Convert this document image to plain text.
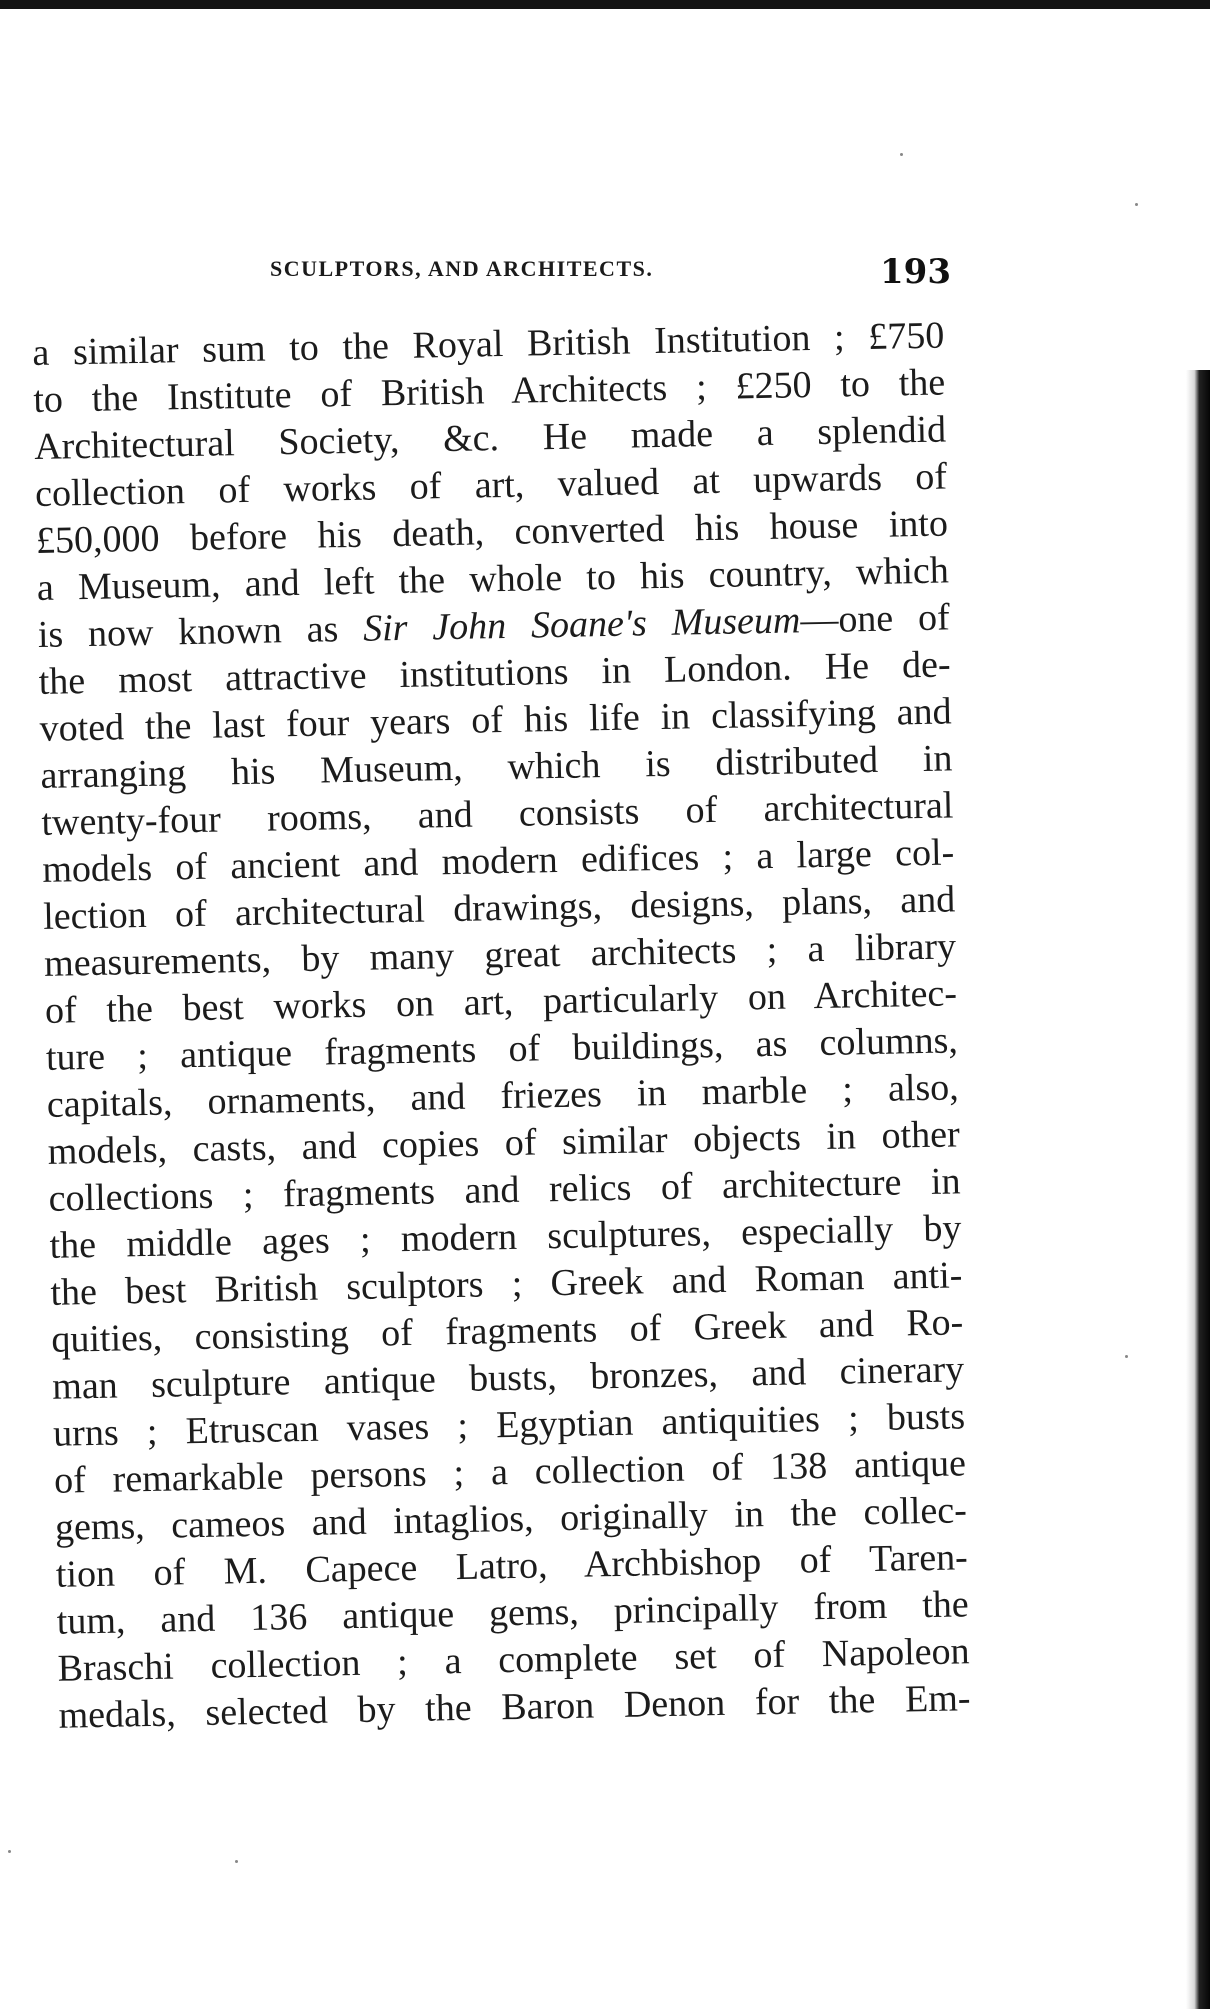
SCULPTORS, AND ARCHITECTS.	193
a similar sum to the Royal British Institution ; £750
to the Institute of British Architects ; £250 to the
Architectural Society, &c. He made a splendid
collection of works of art, valued at upwards of
£50,000 before his death, converted his house into
a Museum, and left the whole to his country, which
is now known as Sir John Soane's Museum—one of
the most attractive institutions in London. He de-
voted the last four years of his life in classifying and
arranging his Museum, which is distributed in
twenty-four rooms, and consists of architectural
models of ancient and modern edifices ; a large col-
lection of architectural drawings, designs, plans, and
measurements, by many great architects ; a library
of the best works on art, particularly on Architec-
ture ; antique fragments of buildings, as columns,
capitals, ornaments, and friezes in marble ; also,
models, casts, and copies of similar objects in other
collections ; fragments and relics of architecture in
the middle ages ; modern sculptures, especially by
the best British sculptors ; Greek and Roman anti-
quities, consisting of fragments of Greek and Ro-
man sculpture antique busts, bronzes, and cinerary
urns ; Etruscan vases ; Egyptian antiquities ; busts
of remarkable persons ; a collection of 138 antique
gems, cameos and intaglios, originally in the collec-
tion of M. Capece Latro, Archbishop of Taren-
tum, and 136 antique gems, principally from the
Braschi collection ; a complete set of Napoleon
medals, selected by the Baron Denon for the Em-
